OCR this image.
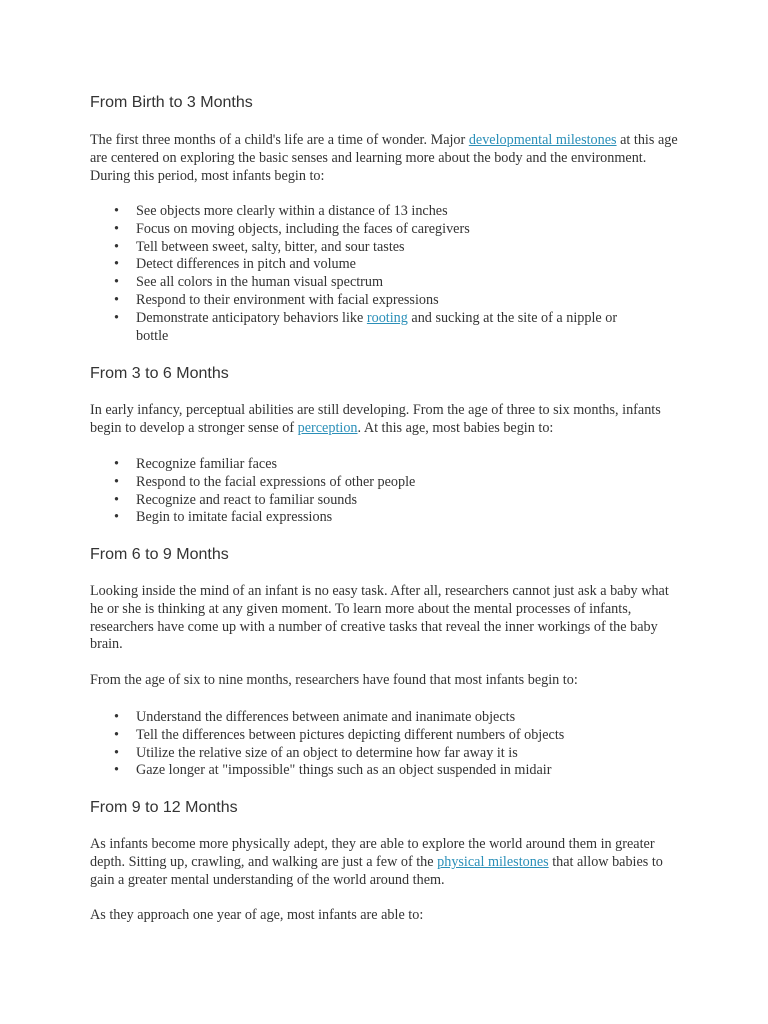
From Birth to 3 Months

The first three months of a child's life are a time of wonder. Major developmental milestones at this age are centered on exploring the basic senses and learning more about the body and the environment. During this period, most infants begin to:

• See objects more clearly within a distance of 13 inches
• Focus on moving objects, including the faces of caregivers
• Tell between sweet, salty, bitter, and sour tastes
• Detect differences in pitch and volume
• See all colors in the human visual spectrum
• Respond to their environment with facial expressions
• Demonstrate anticipatory behaviors like rooting and sucking at the site of a nipple or bottle
From 3 to 6 Months

In early infancy, perceptual abilities are still developing. From the age of three to six months, infants begin to develop a stronger sense of perception. At this age, most babies begin to:

• Recognize familiar faces
• Respond to the facial expressions of other people
• Recognize and react to familiar sounds
• Begin to imitate facial expressions
From 6 to 9 Months

Looking inside the mind of an infant is no easy task. After all, researchers cannot just ask a baby what he or she is thinking at any given moment. To learn more about the mental processes of infants, researchers have come up with a number of creative tasks that reveal the inner workings of the baby brain.

From the age of six to nine months, researchers have found that most infants begin to:

• Understand the differences between animate and inanimate objects
• Tell the differences between pictures depicting different numbers of objects
• Utilize the relative size of an object to determine how far away it is
• Gaze longer at "impossible" things such as an object suspended in midair
From 9 to 12 Months

As infants become more physically adept, they are able to explore the world around them in greater depth. Sitting up, crawling, and walking are just a few of the physical milestones that allow babies to gain a greater mental understanding of the world around them.

As they approach one year of age, most infants are able to:
